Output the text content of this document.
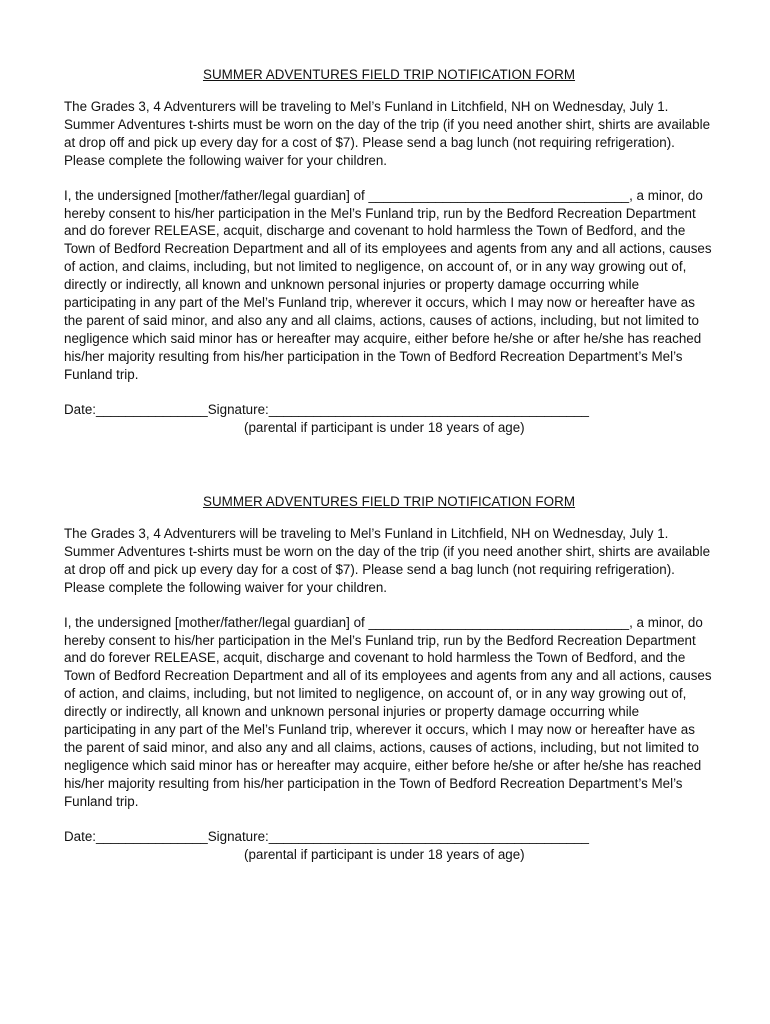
SUMMER ADVENTURES FIELD TRIP NOTIFICATION FORM

The Grades 3, 4 Adventurers will be traveling to Mel’s Funland in Litchfield, NH on Wednesday, July 1. Summer Adventures t-shirts must be worn on the day of the trip (if you need another shirt, shirts are available at drop off and pick up every day for a cost of $7). Please send a bag lunch (not requiring refrigeration). Please complete the following waiver for your children.

I, the undersigned [mother/father/legal guardian] of ___________________________________, a minor, do hereby consent to his/her participation in the Mel’s Funland trip, run by the Bedford Recreation Department and do forever RELEASE, acquit, discharge and covenant to hold harmless the Town of Bedford, and the Town of Bedford Recreation Department and all of its employees and agents from any and all actions, causes of action, and claims, including, but not limited to negligence, on account of, or in any way growing out of, directly or indirectly, all known and unknown personal injuries or property damage occurring while participating in any part of the Mel’s Funland trip, wherever it occurs, which I may now or hereafter have as the parent of said minor, and also any and all claims, actions, causes of actions, including, but not limited to negligence which said minor has or hereafter may acquire, either before he/she or after he/she has reached his/her majority resulting from his/her participation in the Town of Bedford Recreation Department’s Mel’s Funland trip.

Date:_______________Signature:___________________________________________
(parental if participant is under 18 years of age)
SUMMER ADVENTURES FIELD TRIP NOTIFICATION FORM

The Grades 3, 4 Adventurers will be traveling to Mel’s Funland in Litchfield, NH on Wednesday, July 1. Summer Adventures t-shirts must be worn on the day of the trip (if you need another shirt, shirts are available at drop off and pick up every day for a cost of $7). Please send a bag lunch (not requiring refrigeration). Please complete the following waiver for your children.

I, the undersigned [mother/father/legal guardian] of ___________________________________, a minor, do hereby consent to his/her participation in the Mel’s Funland trip, run by the Bedford Recreation Department and do forever RELEASE, acquit, discharge and covenant to hold harmless the Town of Bedford, and the Town of Bedford Recreation Department and all of its employees and agents from any and all actions, causes of action, and claims, including, but not limited to negligence, on account of, or in any way growing out of, directly or indirectly, all known and unknown personal injuries or property damage occurring while participating in any part of the Mel’s Funland trip, wherever it occurs, which I may now or hereafter have as the parent of said minor, and also any and all claims, actions, causes of actions, including, but not limited to negligence which said minor has or hereafter may acquire, either before he/she or after he/she has reached his/her majority resulting from his/her participation in the Town of Bedford Recreation Department’s Mel’s Funland trip.

Date:_______________Signature:___________________________________________
(parental if participant is under 18 years of age)
